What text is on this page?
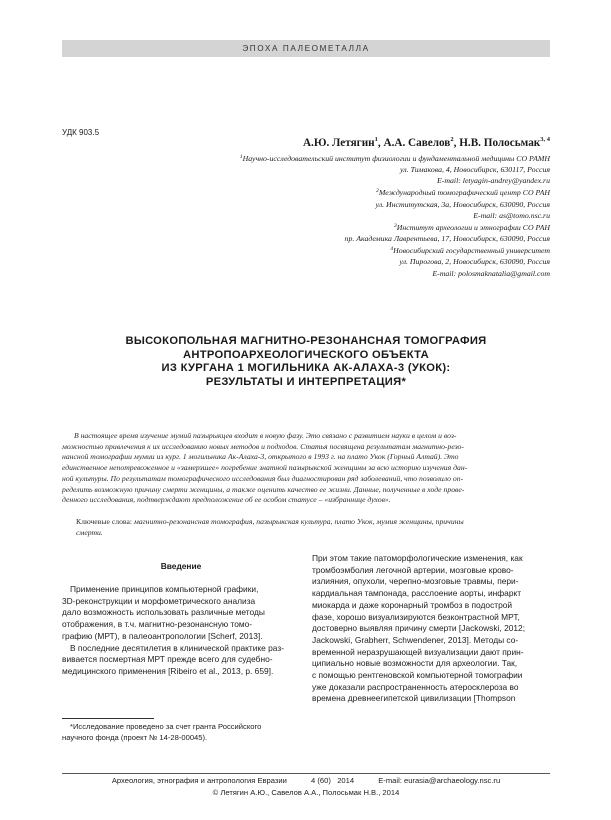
ЭПОХА ПАЛЕОМЕТАЛЛА
УДК 903.5
А.Ю. Летягин$^1$, А.А. Савелов$^2$, Н.В. Полосьмак$^{3, 4}$
$^1$Научно-исследовательский институт физиологии и фундаментальной медицины СО РАМН
ул. Тимакова, 4, Новосибирск, 630117, Россия
E-mail: letyagin-andrey@yandex.ru
$^2$Международный томографический центр СО РАН
ул. Институтская, 3а, Новосибирск, 630090, Россия
E-mail: as@tomo.nsc.ru
$^3$Институт археологии и этнографии СО РАН
пр. Академика Лаврентьева, 17, Новосибирск, 630090, Россия
$^4$Новосибирский государственный университет
ул. Пирогова, 2, Новосибирск, 630090, Россия
E-mail: polosmaknatalia@gmail.com
ВЫСОКОПОЛЬНАЯ МАГНИТНО-РЕЗОНАНСНАЯ ТОМОГРАФИЯ
АНТРОПОАРХЕОЛОГИЧЕСКОГО ОБЪЕКТА
ИЗ КУРГАНА 1 МОГИЛЬНИКА АК-АЛАХА-3 (УКОК):
РЕЗУЛЬТАТЫ И ИНТЕРПРЕТАЦИЯ*
В настоящее время изучение мумий пазырыкцев входит в новую фазу. Это связано с развитием науки в целом и воз-
можностью привлечения к их исследованию новых методов и подходов. Статья посвящена результатам магнитно-резо-
нансной томографии мумии из кург. 1 могильника Ак-Алаха-3, открытого в 1993 г. на плато Укок (Горный Алтай). Это
единственное непотревоженное и «замерзшее» погребение знатной пазырыкской женщины за всю историю изучения дан-
ной культуры. По результатам томографического исследования был диагностирован ряд заболеваний, что позволило оп-
ределить возможную причину смерти женщины, а также оценить качество ее жизни. Данные, полученные в ходе прове-
денного исследования, подтверждают предположение об ее особом статусе – «избраннице духов».
Ключевые слова: магнитно-резонансная томография, пазырыкская культура, плато Укок, мумия женщины, причины
смерти.
Введение
Применение принципов компьютерной графики,
3D-реконструкции и морфометрического анализа
дало возможность использовать различные методы
отображения, в т.ч. магнитно-резонансную томо-
графию (МРТ), в палеоантропологии [Scherf, 2013].
В последние десятилетия в клинической практике раз-
вивается посмертная МРТ прежде всего для судебно-
медицинского применения [Ribeiro et al., 2013, p. 659].
*Исследование проведено за счет гранта Российского
научного фонда (проект № 14-28-00045).
При этом такие патоморфологические изменения, как
тромбоэмболия легочной артерии, мозговые крово-
излияния, опухоли, черепно-мозговые травмы, пери-
кардиальная тампонада, расслоение аорты, инфаркт
миокарда и даже коронарный тромбоз в подострой
фазе, хорошо визуализируются безконтрастной МРТ,
достоверно выявляя причину смерти [Jackowski, 2012;
Jackowski, Grabherr, Schwendener, 2013]. Методы со-
временной неразрушающей визуализации дают прин-
ципиально новые возможности для археологии. Так,
с помощью рентгеновской компьютерной томографии
уже доказали распространенность атеросклероза во
времена древнеегипетской цивилизации [Thompson
Археология, этнография и антропология Евразии	4 (60) 2014	E-mail: eurasia@archaeology.nsc.ru
© Летягин А.Ю., Савелов А.А., Полосьмак Н.В., 2014
